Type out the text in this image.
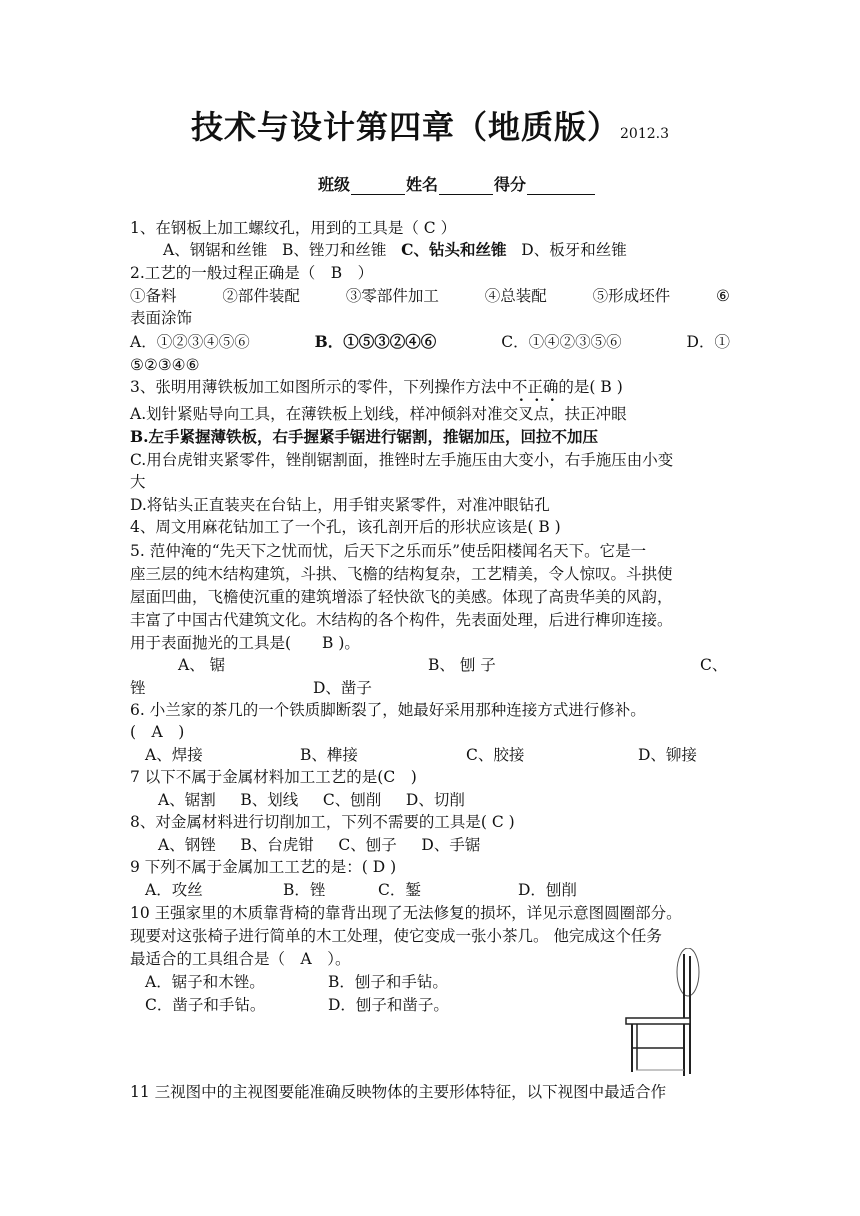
技术与设计第四章（地质版）2012.3
班级	姓名	得分
1、在钢板上加工螺纹孔，用到的工具是（ C ）
A、钢锯和丝锥 B、锉刀和丝锥 C、钻头和丝锥 D、板牙和丝锥
2.工艺的一般过程正确是（　B　）
①备料	②部件装配	③零部件加工	④总装配	⑤形成坯件	⑥
表面涂饰
A．①②③④⑤⑥	B．①⑤③②④⑥	C．①④②③⑤⑥	D．①
⑤②③④⑥
3、张明用薄铁板加工如图所示的零件，下列操作方法中不正确的是( B )
A.划针紧贴导向工具，在薄铁板上划线，样冲倾斜对准交叉点，扶正冲眼
B.左手紧握薄铁板，右手握紧手锯进行锯割，推锯加压，回拉不加压
C.用台虎钳夹紧零件，锉削锯割面，推锉时左手施压由大变小，右手施压由小变
大
D.将钻头正直装夹在台钻上，用手钳夹紧零件，对准冲眼钻孔
4、周文用麻花钻加工了一个孔，该孔剖开后的形状应该是( B )
5. 范仲淹的“先天下之忧而忧，后天下之乐而乐”使岳阳楼闻名天下。它是一
座三层的纯木结构建筑，斗拱、飞檐的结构复杂，工艺精美，令人惊叹。斗拱使
屋面凹曲，飞檐使沉重的建筑增添了轻快欲飞的美感。体现了高贵华美的风韵，
丰富了中国古代建筑文化。木结构的各个构件，先表面处理，后进行榫卯连接。
用于表面抛光的工具是(　　B )。
A、 锯	B、 刨 子	C、
锉	D、凿子
6. 小兰家的茶几的一个铁质脚断裂了，她最好采用那种连接方式进行修补。
(　A　)
A、焊接	B、榫接	C、胶接	D、铆接
7 以下不属于金属材料加工工艺的是(C　)
A、锯割 B、划线 C、刨削 D、切削
8、对金属材料进行切削加工，下列不需要的工具是( C )
A、钢锉 B、台虎钳 C、刨子 D、手锯
9 下列不属于金属加工工艺的是：( D )
A．攻丝	B．锉	C．錾	D．刨削
10 王强家里的木质靠背椅的靠背出现了无法修复的损坏，详见示意图圆圈部分。
现要对这张椅子进行简单的木工处理，使它变成一张小茶几。 他完成这个任务
最适合的工具组合是（　A　）。
A．锯子和木锉。	B．刨子和手钻。
C．凿子和手钻。	D．刨子和凿子。
11 三视图中的主视图要能准确反映物体的主要形体特征，以下视图中最适合作
